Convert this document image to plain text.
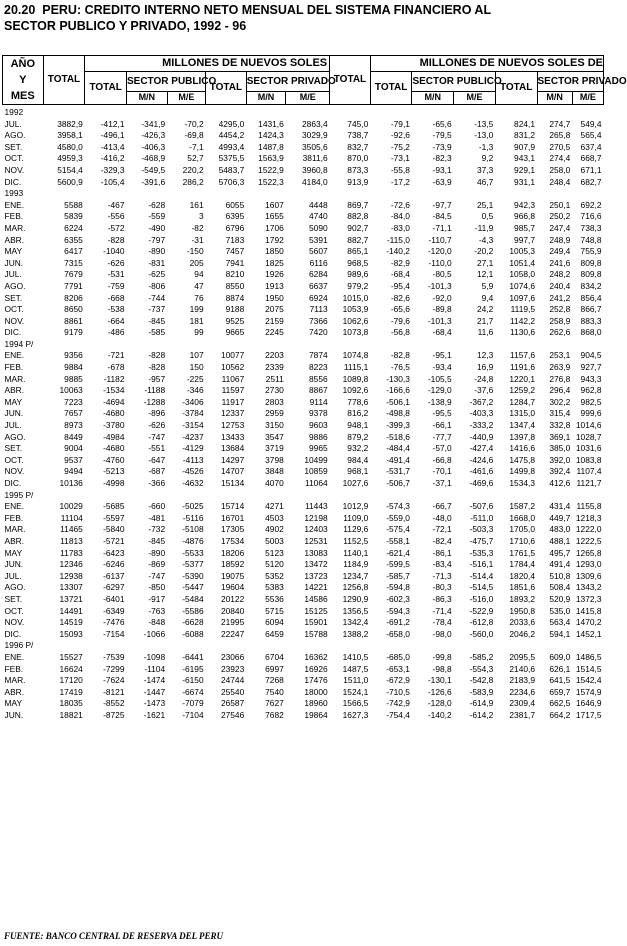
20.20  PERU: CREDITO INTERNO NETO MENSUAL DEL SISTEMA FINANCIERO AL
SECTOR PUBLICO Y PRIVADO, 1992 - 96
AÑO
Y
MES	TOTAL	MILLONES DE NUEVOS SOLES						TOTAL	MILLONES DE NUEVOS SOLES DE					
		TOTAL	SECTOR PUBLICO		TOTAL	SECTOR PRIVADO			TOTAL	SECTOR PUBLICO		TOTAL	SECTOR PRIVADO	
			M/N	M/E		M/N	M/E			M/N	M/E		M/N	M/E
1992														
JUL.	3882,9	-412,1	-341,9	-70,2	4295,0	1431,6	2863,4	745,0	-79,1	-65,6	-13,5	824,1	274,7	549,4
AGO.	3958,1	-496,1	-426,3	-69,8	4454,2	1424,3	3029,9	738,7	-92,6	-79,5	-13,0	831,2	265,8	565,4
SET.	4580,0	-413,4	-406,3	-7,1	4993,4	1487,8	3505,6	832,7	-75,2	-73,9	-1,3	907,9	270,5	637,4
OCT.	4959,3	-416,2	-468,9	52,7	5375,5	1563,9	3811,6	870,0	-73,1	-82,3	9,2	943,1	274,4	668,7
NOV.	5154,4	-329,3	-549,5	220,2	5483,7	1522,9	3960,8	873,3	-55,8	-93,1	37,3	929,1	258,0	671,1
DIC.	5600,9	-105,4	-391,6	286,2	5706,3	1522,3	4184,0	913,9	-17,2	-63,9	46,7	931,1	248,4	682,7
1993														
ENE.	5588	-467	-628	161	6055	1607	4448	869,7	-72,6	-97,7	25,1	942,3	250,1	692,2
FEB.	5839	-556	-559	3	6395	1655	4740	882,8	-84,0	-84,5	0,5	966,8	250,2	716,6
MAR.	6224	-572	-490	-82	6796	1706	5090	902,7	-83,0	-71,1	-11,9	985,7	247,4	738,3
ABR.	6355	-828	-797	-31	7183	1792	5391	882,7	-115,0	-110,7	-4,3	997,7	248,9	748,8
MAY	6417	-1040	-890	-150	7457	1850	5607	865,1	-140,2	-120,0	-20,2	1005,3	249,4	755,9
JUN.	7315	-626	-831	205	7941	1825	6116	968,5	-82,9	-110,0	27,1	1051,4	241,6	809,8
JUL.	7679	-531	-625	94	8210	1926	6284	989,6	-68,4	-80,5	12,1	1058,0	248,2	809,8
AGO.	7791	-759	-806	47	8550	1913	6637	979,2	-95,4	-101,3	5,9	1074,6	240,4	834,2
SET.	8206	-668	-744	76	8874	1950	6924	1015,0	-82,6	-92,0	9,4	1097,6	241,2	856,4
OCT.	8650	-538	-737	199	9188	2075	7113	1053,9	-65,6	-89,8	24,2	1119,5	252,8	866,7
NOV.	8861	-664	-845	181	9525	2159	7366	1062,6	-79,6	-101,3	21,7	1142,2	258,9	883,3
DIC.	9179	-486	-585	99	9665	2245	7420	1073,8	-56,8	-68,4	11,6	1130,6	262,6	868,0
1994 P/														
ENE.	9356	-721	-828	107	10077	2203	7874	1074,8	-82,8	-95,1	12,3	1157,6	253,1	904,5
FEB.	9884	-678	-828	150	10562	2339	8223	1115,1	-76,5	-93,4	16,9	1191,6	263,9	927,7
MAR.	9885	-1182	-957	-225	11067	2511	8556	1089,8	-130,3	-105,5	-24,8	1220,1	276,8	943,3
ABR.	10063	-1534	-1188	-346	11597	2730	8867	1092,6	-166,6	-129,0	-37,6	1259,2	296,4	962,8
MAY	7223	-4694	-1288	-3406	11917	2803	9114	778,6	-506,1	-138,9	-367,2	1284,7	302,2	982,5
JUN.	7657	-4680	-896	-3784	12337	2959	9378	816,2	-498,8	-95,5	-403,3	1315,0	315,4	999,6
JUL.	8973	-3780	-626	-3154	12753	3150	9603	948,1	-399,3	-66,1	-333,2	1347,4	332,8	1014,6
AGO.	8449	-4984	-747	-4237	13433	3547	9886	879,2	-518,6	-77,7	-440,9	1397,8	369,1	1028,7
SET.	9004	-4680	-551	-4129	13684	3719	9965	932,2	-484,4	-57,0	-427,4	1416,6	385,0	1031,6
OCT.	9537	-4760	-647	-4113	14297	3798	10499	984,4	-491,4	-66,8	-424,6	1475,8	392,0	1083,8
NOV.	9494	-5213	-687	-4526	14707	3848	10859	968,1	-531,7	-70,1	-461,6	1499,8	392,4	1107,4
DIC.	10136	-4998	-366	-4632	15134	4070	11064	1027,6	-506,7	-37,1	-469,6	1534,3	412,6	1121,7
1995 P/														
ENE.	10029	-5685	-660	-5025	15714	4271	11443	1012,9	-574,3	-66,7	-507,6	1587,2	431,4	1155,8
FEB.	11104	-5597	-481	-5116	16701	4503	12198	1109,0	-559,0	-48,0	-511,0	1668,0	449,7	1218,3
MAR.	11465	-5840	-732	-5108	17305	4902	12403	1129,6	-575,4	-72,1	-503,3	1705,0	483,0	1222,0
ABR.	11813	-5721	-845	-4876	17534	5003	12531	1152,5	-558,1	-82,4	-475,7	1710,6	488,1	1222,5
MAY	11783	-6423	-890	-5533	18206	5123	13083	1140,1	-621,4	-86,1	-535,3	1761,5	495,7	1265,8
JUN.	12346	-6246	-869	-5377	18592	5120	13472	1184,9	-599,5	-83,4	-516,1	1784,4	491,4	1293,0
JUL.	12938	-6137	-747	-5390	19075	5352	13723	1234,7	-585,7	-71,3	-514,4	1820,4	510,8	1309,6
AGO.	13307	-6297	-850	-5447	19604	5383	14221	1256,8	-594,8	-80,3	-514,5	1851,6	508,4	1343,2
SET.	13721	-6401	-917	-5484	20122	5536	14586	1290,9	-602,3	-86,3	-516,0	1893,2	520,9	1372,3
OCT.	14491	-6349	-763	-5586	20840	5715	15125	1356,5	-594,3	-71,4	-522,9	1950,8	535,0	1415,8
NOV.	14519	-7476	-848	-6628	21995	6094	15901	1342,4	-691,2	-78,4	-612,8	2033,6	563,4	1470,2
DIC.	15093	-7154	-1066	-6088	22247	6459	15788	1388,2	-658,0	-98,0	-560,0	2046,2	594,1	1452,1
1996 P/														
ENE.	15527	-7539	-1098	-6441	23066	6704	16362	1410,5	-685,0	-99,8	-585,2	2095,5	609,0	1486,5
FEB.	16624	-7299	-1104	-6195	23923	6997	16926	1487,5	-653,1	-98,8	-554,3	2140,6	626,1	1514,5
MAR.	17120	-7624	-1474	-6150	24744	7268	17476	1511,0	-672,9	-130,1	-542,8	2183,9	641,5	1542,4
ABR.	17419	-8121	-1447	-6674	25540	7540	18000	1524,1	-710,5	-126,6	-583,9	2234,6	659,7	1574,9
MAY	18035	-8552	-1473	-7079	26587	7627	18960	1566,5	-742,9	-128,0	-614,9	2309,4	662,5	1646,9
JUN.	18821	-8725	-1621	-7104	27546	7682	19864	1627,3	-754,4	-140,2	-614,2	2381,7	664,2	1717,5
FUENTE: BANCO CENTRAL DE RESERVA DEL PERU
